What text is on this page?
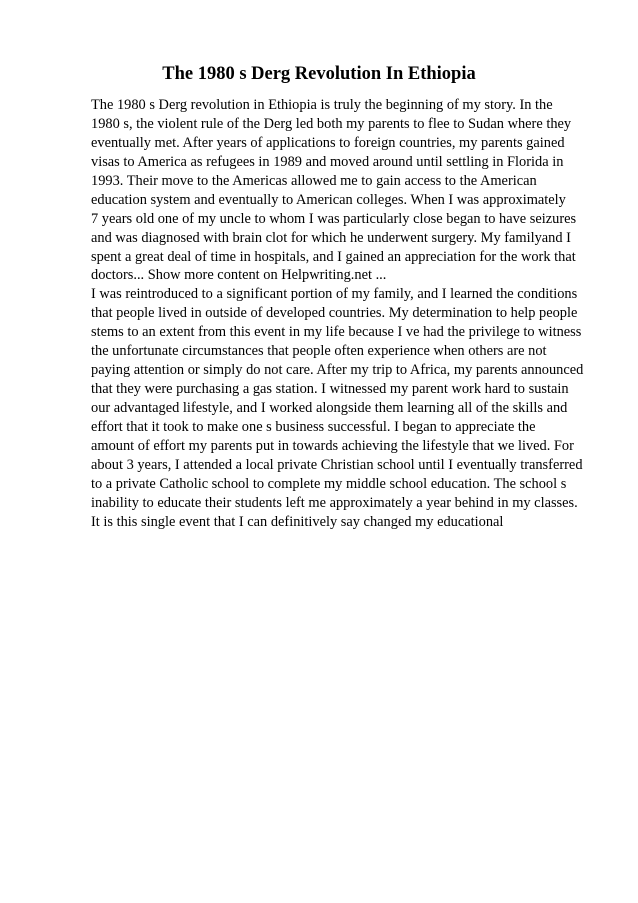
The 1980 s Derg Revolution In Ethiopia
The 1980 s Derg revolution in Ethiopia is truly the beginning of my story. In the
1980 s, the violent rule of the Derg led both my parents to flee to Sudan where they
eventually met. After years of applications to foreign countries, my parents gained
visas to America as refugees in 1989 and moved around until settling in Florida in
1993. Their move to the Americas allowed me to gain access to the American
education system and eventually to American colleges. When I was approximately
7 years old one of my uncle to whom I was particularly close began to have seizures
and was diagnosed with brain clot for which he underwent surgery. My familyand I
spent a great deal of time in hospitals, and I gained an appreciation for the work that
doctors... Show more content on Helpwriting.net ...
I was reintroduced to a significant portion of my family, and I learned the conditions
that people lived in outside of developed countries. My determination to help people
stems to an extent from this event in my life because I ve had the privilege to witness
the unfortunate circumstances that people often experience when others are not
paying attention or simply do not care. After my trip to Africa, my parents announced
that they were purchasing a gas station. I witnessed my parent work hard to sustain
our advantaged lifestyle, and I worked alongside them learning all of the skills and
effort that it took to make one s business successful. I began to appreciate the
amount of effort my parents put in towards achieving the lifestyle that we lived. For
about 3 years, I attended a local private Christian school until I eventually transferred
to a private Catholic school to complete my middle school education. The school s
inability to educate their students left me approximately a year behind in my classes.
It is this single event that I can definitively say changed my educational
